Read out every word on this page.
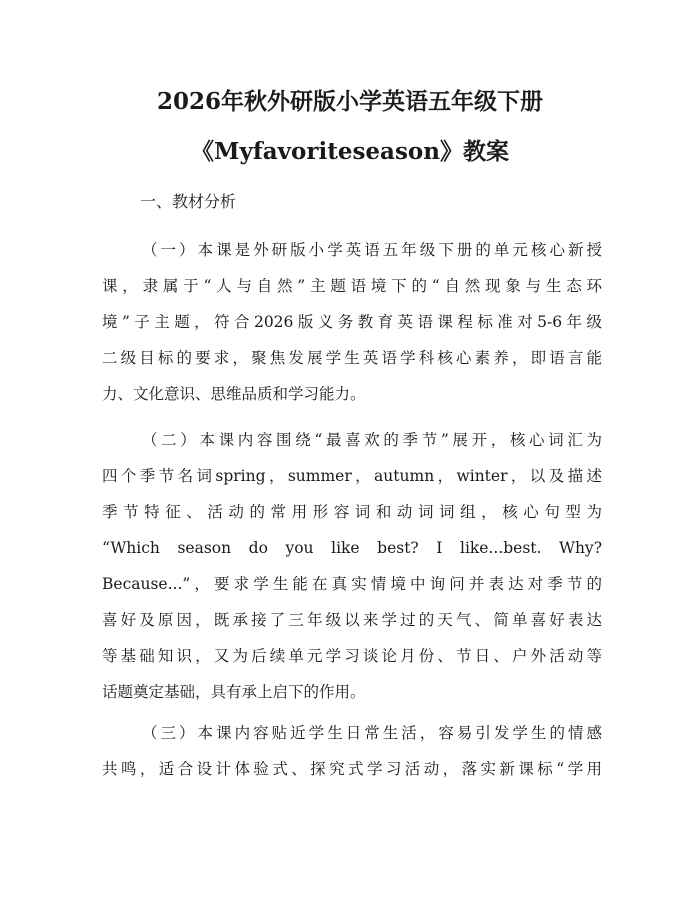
2026年秋外研版小学英语五年级下册
《Myfavoriteseason》教案
一、教材分析
（一）本课是外研版小学英语五年级下册的单元核心新授
课，隶属于“人与自然”主题语境下的“自然现象与生态环
境”子主题，符合2026版义务教育英语课程标准对5-6年级
二级目标的要求，聚焦发展学生英语学科核心素养，即语言能
力、文化意识、思维品质和学习能力。
（二）本课内容围绕“最喜欢的季节”展开，核心词汇为
四个季节名词spring，summer，autumn，winter，以及描述
季节特征、活动的常用形容词和动词词组，核心句型为
“Which season do you like best? I like...best. Why?
Because...”，要求学生能在真实情境中询问并表达对季节的
喜好及原因，既承接了三年级以来学过的天气、简单喜好表达
等基础知识，又为后续单元学习谈论月份、节日、户外活动等
话题奠定基础，具有承上启下的作用。
（三）本课内容贴近学生日常生活，容易引发学生的情感
共鸣，适合设计体验式、探究式学习活动，落实新课标“学用
